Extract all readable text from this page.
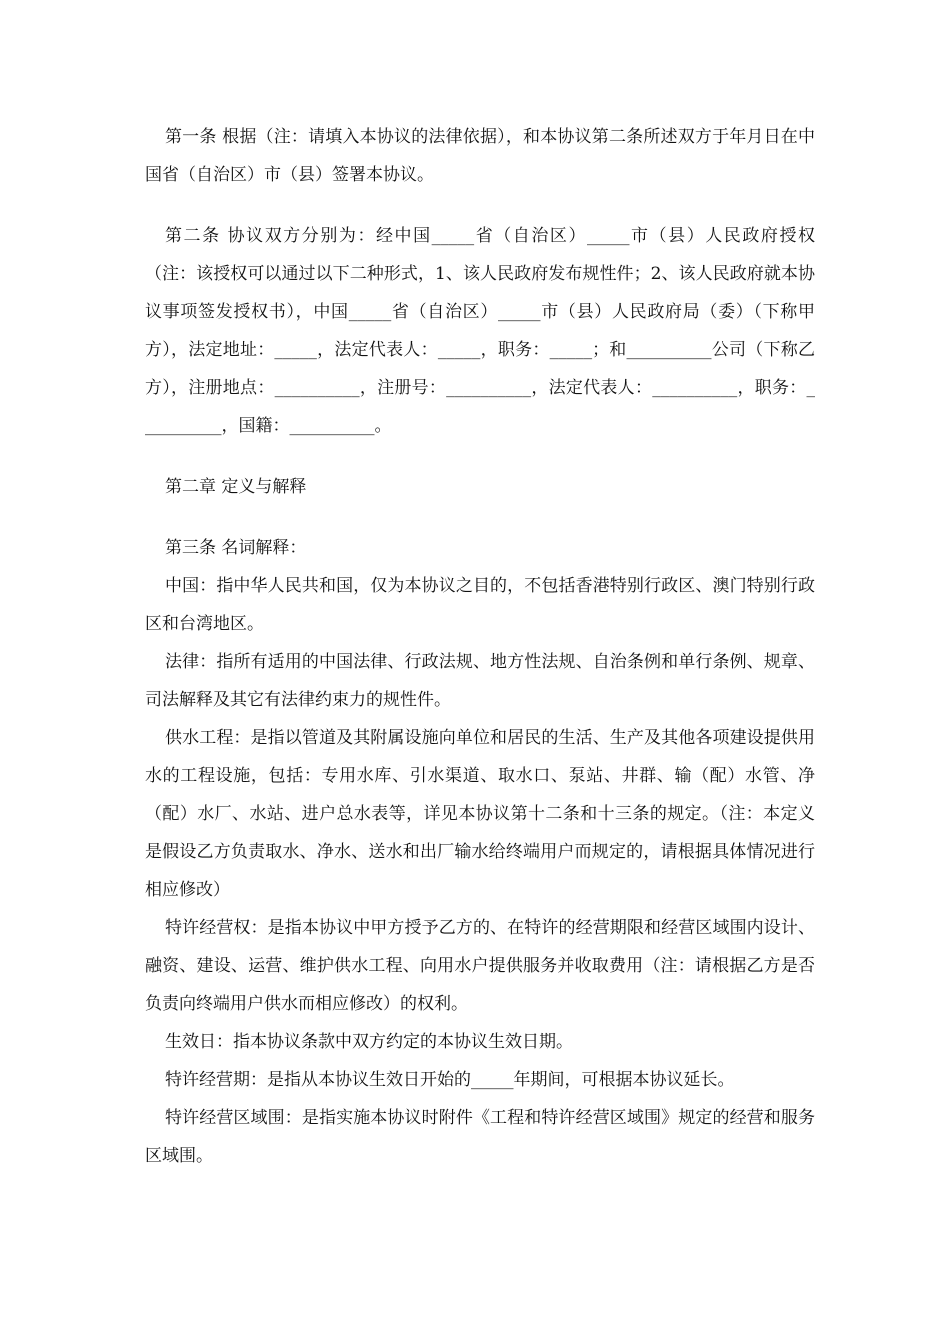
第一条 根据（注：请填入本协议的法律依据），和本协议第二条所述双方于年月日在中国省（自治区）市（县）签署本协议。

第二条 协议双方分别为：经中国_____省（自治区）_____市（县）人民政府授权（注：该授权可以通过以下二种形式，1、该人民政府发布规性件；2、该人民政府就本协议事项签发授权书），中国_____省（自治区）_____市（县）人民政府局（委）（下称甲方），法定地址：_____，法定代表人：_____，职务：_____；和__________公司（下称乙方），注册地点：__________，注册号：__________，法定代表人：__________，职务：__________，国籍：__________。

第二章 定义与解释

第三条 名词解释：

中国：指中华人民共和国，仅为本协议之目的，不包括香港特别行政区、澳门特别行政区和台湾地区。

法律：指所有适用的中国法律、行政法规、地方性法规、自治条例和单行条例、规章、司法解释及其它有法律约束力的规性件。

供水工程：是指以管道及其附属设施向单位和居民的生活、生产及其他各项建设提供用水的工程设施，包括：专用水库、引水渠道、取水口、泵站、井群、输（配）水管、净（配）水厂、水站、进户总水表等，详见本协议第十二条和十三条的规定。（注：本定义是假设乙方负责取水、净水、送水和出厂输水给终端用户而规定的，请根据具体情况进行相应修改）

特许经营权：是指本协议中甲方授予乙方的、在特许的经营期限和经营区域围内设计、融资、建设、运营、维护供水工程、向用水户提供服务并收取费用（注：请根据乙方是否负责向终端用户供水而相应修改）的权利。

生效日：指本协议条款中双方约定的本协议生效日期。

特许经营期：是指从本协议生效日开始的_____年期间，可根据本协议延长。

特许经营区域围：是指实施本协议时附件《工程和特许经营区域围》规定的经营和服务区域围。
